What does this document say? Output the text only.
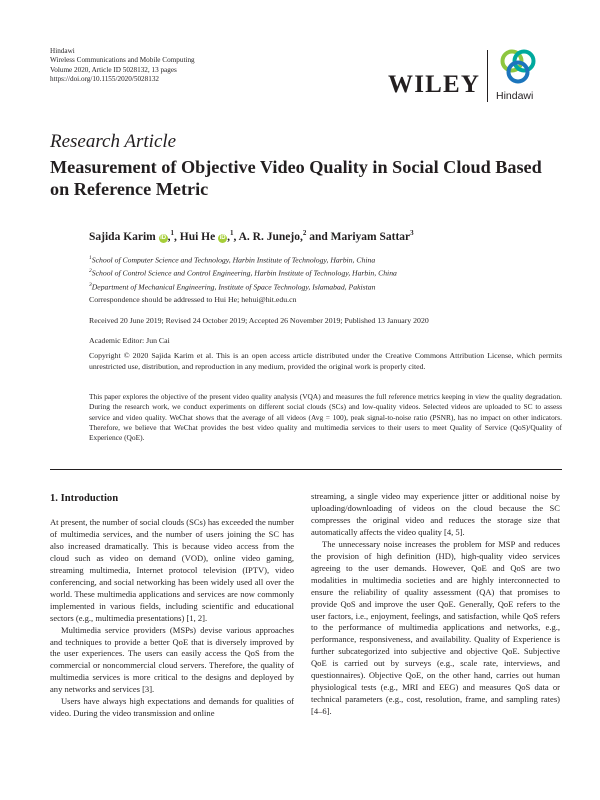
Hindawi
Wireless Communications and Mobile Computing
Volume 2020, Article ID 5028132, 13 pages
https://doi.org/10.1155/2020/5028132	WILEY Hindawi
Research Article
Measurement of Objective Video Quality in Social Cloud Based on Reference Metric
Sajida Karim iD ,$^1$, Hui He iD ,$^1$, A. R. Junejo,$^2$ and Mariyam Sattar$^3$
$^1$School of Computer Science and Technology, Harbin Institute of Technology, Harbin, China
$^2$School of Control Science and Control Engineering, Harbin Institute of Technology, Harbin, China
$^3$Department of Mechanical Engineering, Institute of Space Technology, Islamabad, Pakistan
Correspondence should be addressed to Hui He; hehui@hit.edu.cn
Received 20 June 2019; Revised 24 October 2019; Accepted 26 November 2019; Published 13 January 2020
Academic Editor: Jun Cai
Copyright © 2020 Sajida Karim et al. This is an open access article distributed under the Creative Commons Attribution License, which permits unrestricted use, distribution, and reproduction in any medium, provided the original work is properly cited.
This paper explores the objective of the present video quality analysis (VQA) and measures the full reference metrics keeping in view the quality degradation. During the research work, we conduct experiments on different social clouds (SCs) and low-quality videos. Selected videos are uploaded to SC to assess service and video quality. WeChat shows that the average of all videos (Avg = 100), peak signal-to-noise ratio (PSNR), has no impact on other indicators. Therefore, we believe that WeChat provides the best video quality and multimedia services to their users to meet Quality of Service (QoS)/Quality of Experience (QoE).
1. Introduction

At present, the number of social clouds (SCs) has exceeded the number of multimedia services, and the number of users joining the SC has also increased dramatically. This is because video access from the cloud such as video on demand (VOD), online video gaming, streaming multimedia, Internet protocol television (IPTV), video conferencing, and social networking has been widely used all over the world. These multimedia applications and services are now commonly implemented in various fields, including scientific and educational sectors (e.g., multimedia presentations) [1, 2].

Multimedia service providers (MSPs) devise various approaches and techniques to provide a better QoE that is diversely improved by the user experiences. The users can easily access the QoS from the commercial or noncommercial cloud servers. Therefore, the quality of multimedia services is more critical to the designs and deployed by any networks and services [3].

Users have always high expectations and demands for qualities of video. During the video transmission and online

streaming, a single video may experience jitter or additional noise by uploading/downloading of videos on the cloud because the SC compresses the original video and reduces the storage size that automatically affects the video quality [4, 5].

The unnecessary noise increases the problem for MSP and reduces the provision of high definition (HD), high-quality video services agreeing to the user demands. However, QoE and QoS are two modalities in multimedia societies and are highly interconnected to ensure the reliability of quality assessment (QA) that promises to provide QoS and improve the user QoE. Generally, QoE refers to the user factors, i.e., enjoyment, feelings, and satisfaction, while QoS refers to the performance of multimedia applications and networks, e.g., performance, responsiveness, and availability. Quality of Experience is further subcategorized into subjective and objective QoE. Subjective QoE is carried out by surveys (e.g., scale rate, interviews, and questionnaires). Objective QoE, on the other hand, carries out human physiological tests (e.g., MRI and EEG) and measures QoS data or technical parameters (e.g., cost, resolution, frame, and sampling rates) [4–6].
